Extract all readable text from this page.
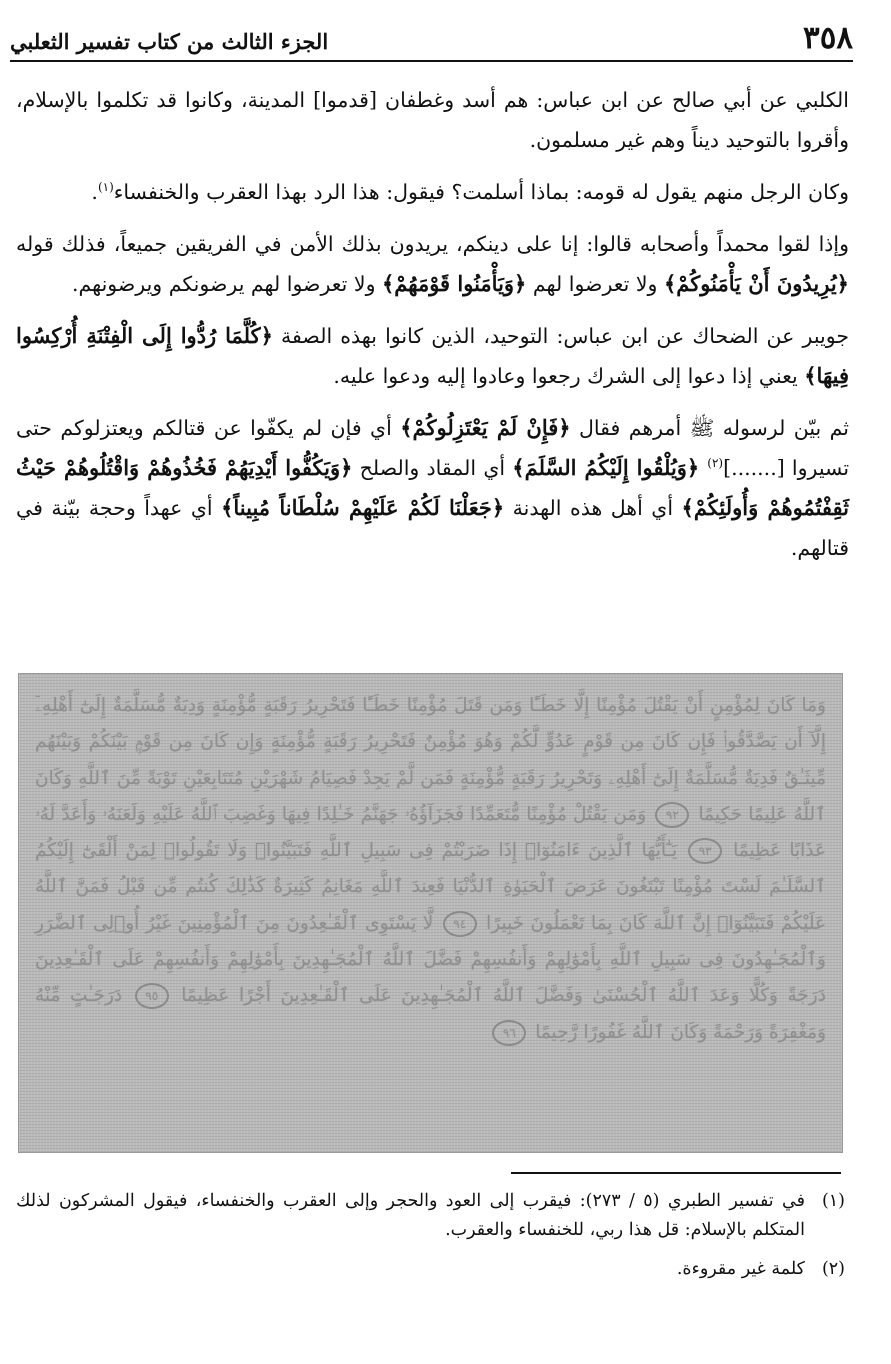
٣٥٨
الجزء الثالث من كتاب تفسير الثعلبي

الكلبي عن أبي صالح عن ابن عباس: هم أسد وغطفان [قدموا] المدينة، وكانوا قد تكلموا بالإسلام، وأقروا بالتوحيد ديناً وهم غير مسلمون.

وكان الرجل منهم يقول له قومه: بماذا أسلمت؟ فيقول: هذا الرد بهذا العقرب والخنفساء$^{(١)}$.

وإذا لقوا محمداً وأصحابه قالوا: إنا على دينكم، يريدون بذلك الأمن في الفريقين جميعاً، فذلك قوله ﴿يُرِيدُونَ أَنْ يَأْمَنُوكُمْ﴾ ولا تعرضوا لهم ﴿وَيَأْمَنُوا قَوْمَهُمْ﴾ ولا تعرضوا لهم يرضونكم ويرضونهم.

جويبر عن الضحاك عن ابن عباس: التوحيد، الذين كانوا بهذه الصفة ﴿كُلَّمَا رُدُّوا إِلَى الْفِتْنَةِ أُرْكِسُوا فِيهَا﴾ يعني إذا دعوا إلى الشرك رجعوا وعادوا إليه ودعوا عليه.

ثم بيّن لرسوله ﷺ أمرهم فقال ﴿فَإِنْ لَمْ يَعْتَزِلُوكُمْ﴾ أي فإن لم يكفّوا عن قتالكم ويعتزلوكم حتى تسيروا [.......]$^{(٢)}$ ﴿وَيُلْقُوا إِلَيْكُمُ السَّلَمَ﴾ أي المقاد والصلح ﴿وَيَكُفُّوا أَيْدِيَهُمْ فَخُذُوهُمْ وَاقْتُلُوهُمْ حَيْثُ ثَقِفْتُمُوهُمْ وَأُولَئِكُمْ﴾ أي أهل هذه الهدنة ﴿جَعَلْنَا لَكُمْ عَلَيْهِمْ سُلْطَاناً مُبِيناً﴾ أي عهداً وحجة بيّنة في قتالهم.

وَمَا كَانَ لِمُؤْمِنٍ أَنْ يَقْتُلَ مُؤْمِنًا إِلَّا خَطَـًٔا وَمَن قَتَلَ مُؤْمِنًا خَطَـًٔا فَتَحْرِيرُ رَقَبَةٍ مُّؤْمِنَةٍ وَدِيَةٌ مُّسَلَّمَةٌ إِلَىٰٓ أَهْلِهِۦٓ إِلَّآ أَن يَصَّدَّقُوا۟ فَإِن كَانَ مِن قَوْمٍ عَدُوٍّ لَّكُمْ وَهُوَ مُؤْمِنٌ فَتَحْرِيرُ رَقَبَةٍ مُّؤْمِنَةٍ وَإِن كَانَ مِن قَوْمٍۭ بَيْنَكُمْ وَبَيْنَهُم مِّيثَـٰقٌ فَدِيَةٌ مُّسَلَّمَةٌ إِلَىٰٓ أَهْلِهِۦ وَتَحْرِيرُ رَقَبَةٍ مُّؤْمِنَةٍ فَمَن لَّمْ يَجِدْ فَصِيَامُ شَهْرَيْنِ مُتَتَابِعَيْنِ تَوْبَةً مِّنَ ٱللَّهِ وَكَانَ ٱللَّهُ عَلِيمًا حَكِيمًا ٩٢ وَمَن يَقْتُلْ مُؤْمِنًا مُّتَعَمِّدًا فَجَزَآؤُهُۥ جَهَنَّمُ خَـٰلِدًا فِيهَا وَغَضِبَ ٱللَّهُ عَلَيْهِ وَلَعَنَهُۥ وَأَعَدَّ لَهُۥ عَذَابًا عَظِيمًا ٩٣ يَـٰٓأَيُّهَا ٱلَّذِينَ ءَامَنُوٓا۟ إِذَا ضَرَبْتُمْ فِى سَبِيلِ ٱللَّهِ فَتَبَيَّنُوا۟ وَلَا تَقُولُوا۟ لِمَنْ أَلْقَىٰٓ إِلَيْكُمُ ٱلسَّلَـٰمَ لَسْتَ مُؤْمِنًا تَبْتَغُونَ عَرَضَ ٱلْحَيَوٰةِ ٱلدُّنْيَا فَعِندَ ٱللَّهِ مَغَانِمُ كَثِيرَةٌ كَذَٰلِكَ كُنتُم مِّن قَبْلُ فَمَنَّ ٱللَّهُ عَلَيْكُمْ فَتَبَيَّنُوٓا۟ إِنَّ ٱللَّهَ كَانَ بِمَا تَعْمَلُونَ خَبِيرًا ٩٤ لَّا يَسْتَوِى ٱلْقَـٰعِدُونَ مِنَ ٱلْمُؤْمِنِينَ غَيْرُ أُو۟لِى ٱلضَّرَرِ وَٱلْمُجَـٰهِدُونَ فِى سَبِيلِ ٱللَّهِ بِأَمْوَٰلِهِمْ وَأَنفُسِهِمْ فَضَّلَ ٱللَّهُ ٱلْمُجَـٰهِدِينَ بِأَمْوَٰلِهِمْ وَأَنفُسِهِمْ عَلَى ٱلْقَـٰعِدِينَ دَرَجَةً وَكُلًّا وَعَدَ ٱللَّهُ ٱلْحُسْنَىٰ وَفَضَّلَ ٱللَّهُ ٱلْمُجَـٰهِدِينَ عَلَى ٱلْقَـٰعِدِينَ أَجْرًا عَظِيمًا ٩٥ دَرَجَـٰتٍ مِّنْهُ وَمَغْفِرَةً وَرَحْمَةً وَكَانَ ٱللَّهُ غَفُورًا رَّحِيمًا ٩٦
(١)
في تفسير الطبري (٥ / ٢٧٣): فيقرب إلى العود والحجر وإلى العقرب والخنفساء، فيقول المشركون لذلك المتكلم بالإسلام: قل هذا ربي، للخنفساء والعقرب.
(٢)
كلمة غير مقروءة.
